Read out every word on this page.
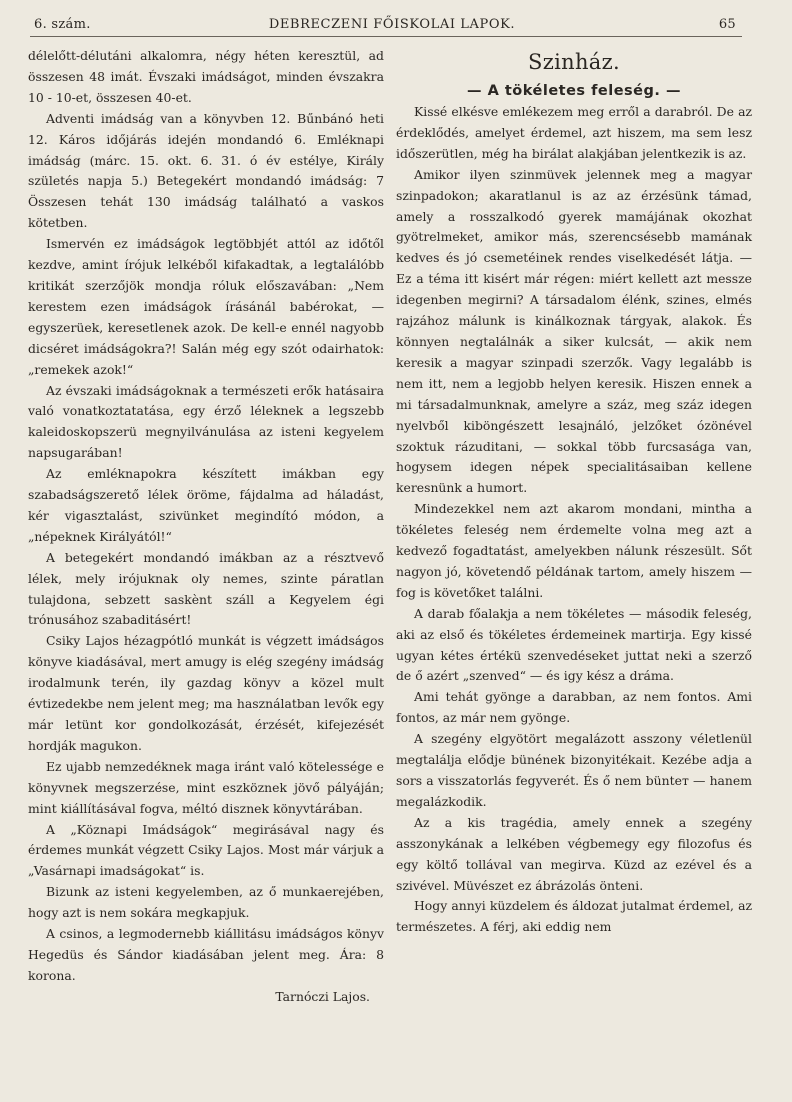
6. szám.	DEBRECZENI FŐISKOLAI LAPOK.	65

délelőtt-délutáni alkalomra, négy héten keresztül, ad összesen 48 imát. Évszaki imádságot, minden évszakra 10 - 10-et, összesen 40-et.

Adventi imádság van a könyvben 12. Bűnbánó heti 12. Káros időjárás idején mondandó 6. Emléknapi imádság (márc. 15. okt. 6. 31. ó év estélye, Király születés napja 5.) Betegekért mondandó imádság: 7 Összesen tehát 130 imádság található a vaskos kötetben.

Ismervén ez imádságok legtöbbjét attól az időtől kezdve, amint írójuk lelkéből kifakadtak, a legtalálóbb kritikát szerzőjök mondja róluk előszavában: „Nem kerestem ezen imádságok írásánál babérokat, — egyszerüek, keresetlenek azok. De kell-e ennél nagyobb dicséret imádságokra?! Salán még egy szót odairhatok: „remekek azok!“

Az évszaki imádságoknak a természeti erők hatásaira való vonatkoztatatása, egy érző léleknek a legszebb kaleidoskopszerü megnyilvánulása az isteni kegyelem napsugarában!

Az emléknapokra készített imákban egy szabadságszerető lélek öröme, fájdalma ad háladást, kér vigasztalást, szivünket megindító módon, a „népeknek Királyától!“

A betegekért mondandó imákban az a résztvevő lélek, mely irójuknak oly nemes, szinte páratlan tulajdona, sebzett saskènt száll a Kegyelem égi trónusához szabaditásért!

Csiky Lajos hézagpótló munkát is végzett imádságos könyve kiadásával, mert amugy is elég szegény imádság irodalmunk terén, ily gazdag könyv a közel mult évtizedekbe nem jelent meg; ma használatban levők egy már letünt kor gondolkozását, érzését, kifejezését hordják magukon.

Ez ujabb nemzedéknek maga iránt való kötelessége e könyvnek megszerzése, mint eszköznek jövő pályáján; mint kiállításával fogva, méltó disznek könyvtárában.

A „Köznapi Imádságok“ megirásával nagy és érdemes munkát végzett Csiky Lajos. Most már várjuk a „Vasárnapi imadságokat“ is.

Bizunk az isteni kegyelemben, az ő munkaerejében, hogy azt is nem sokára megkapjuk.

A csinos, a legmodernebb kiállitásu imádságos könyv Hegedüs és Sándor kiadásában jelent meg. Ára: 8 korona.

Tarnóczi Lajos.

Szinház.
— A tökéletes feleség. —

Kissé elkésve emlékezem meg erről a darabról. De az érdeklődés, amelyet érdemel, azt hiszem, ma sem lesz időszerütlen, még ha birálat alakjában jelentkezik is az.

Amikor ilyen szinmüvek jelennek meg a magyar szinpadokon; akaratlanul is az az érzésünk támad, amely a rosszalkodó gyerek mamájának okozhat gyötrelmeket, amikor más, szerencsésebb mamának kedves és jó csemetéinek rendes viselkedését látja. — Ez a téma itt kisért már régen: miért kellett azt messze idegenben megirni? A társadalom élénk, szines, elmés rajzához málunk is kinálkoznak tárgyak, alakok. És könnyen negtalálnák a siker kulcsát, — akik nem keresik a magyar szinpadi szerzők. Vagy legalább is nem itt, nem a legjobb helyen keresik. Hiszen ennek a mi társadalmunknak, amelyre a száz, meg száz idegen nyelvből kiböngészett lesajnáló, jelzőket ózönével szoktuk rázuditani, — sokkal több furcsasága van, hogysem idegen népek specialitásaiban kellene keresnünk a humort.

Mindezekkel nem azt akarom mondani, mintha a tökéletes feleség nem érdemelte volna meg azt a kedvező fogadtatást, amelyekben nálunk részesült. Sőt nagyon jó, követendő példának tartom, amely hiszem — fog is követőket találni.

A darab főalakja a nem tökéletes — második feleség, aki az első és tökéletes érdemeinek martirja. Egy kissé ugyan kétes értékü szenvedéseket juttat neki a szerző de ő azért „szenved“ — és igy kész a dráma.

Ami tehát gyönge a darabban, az nem fontos. Ami fontos, az már nem gyönge.

A szegény elgyötört megalázott asszony véletlenül megtalálja elődje bünének bizonyitékait. Kezébe adja a sors a visszatorlás fegyverét. És ő nem bünteт — hanem megalázkodik.

Az a kis tragédia, amely ennek a szegény asszonykának a lelkében végbemegy egy filozofus és egy költő tollával van megirva. Küzd az ezével és a szivével. Müvészet ez ábrázolás önteni.

Hogy annyi küzdelem és áldozat jutalmat érdemel, az természetes. A férj, aki eddig nem
